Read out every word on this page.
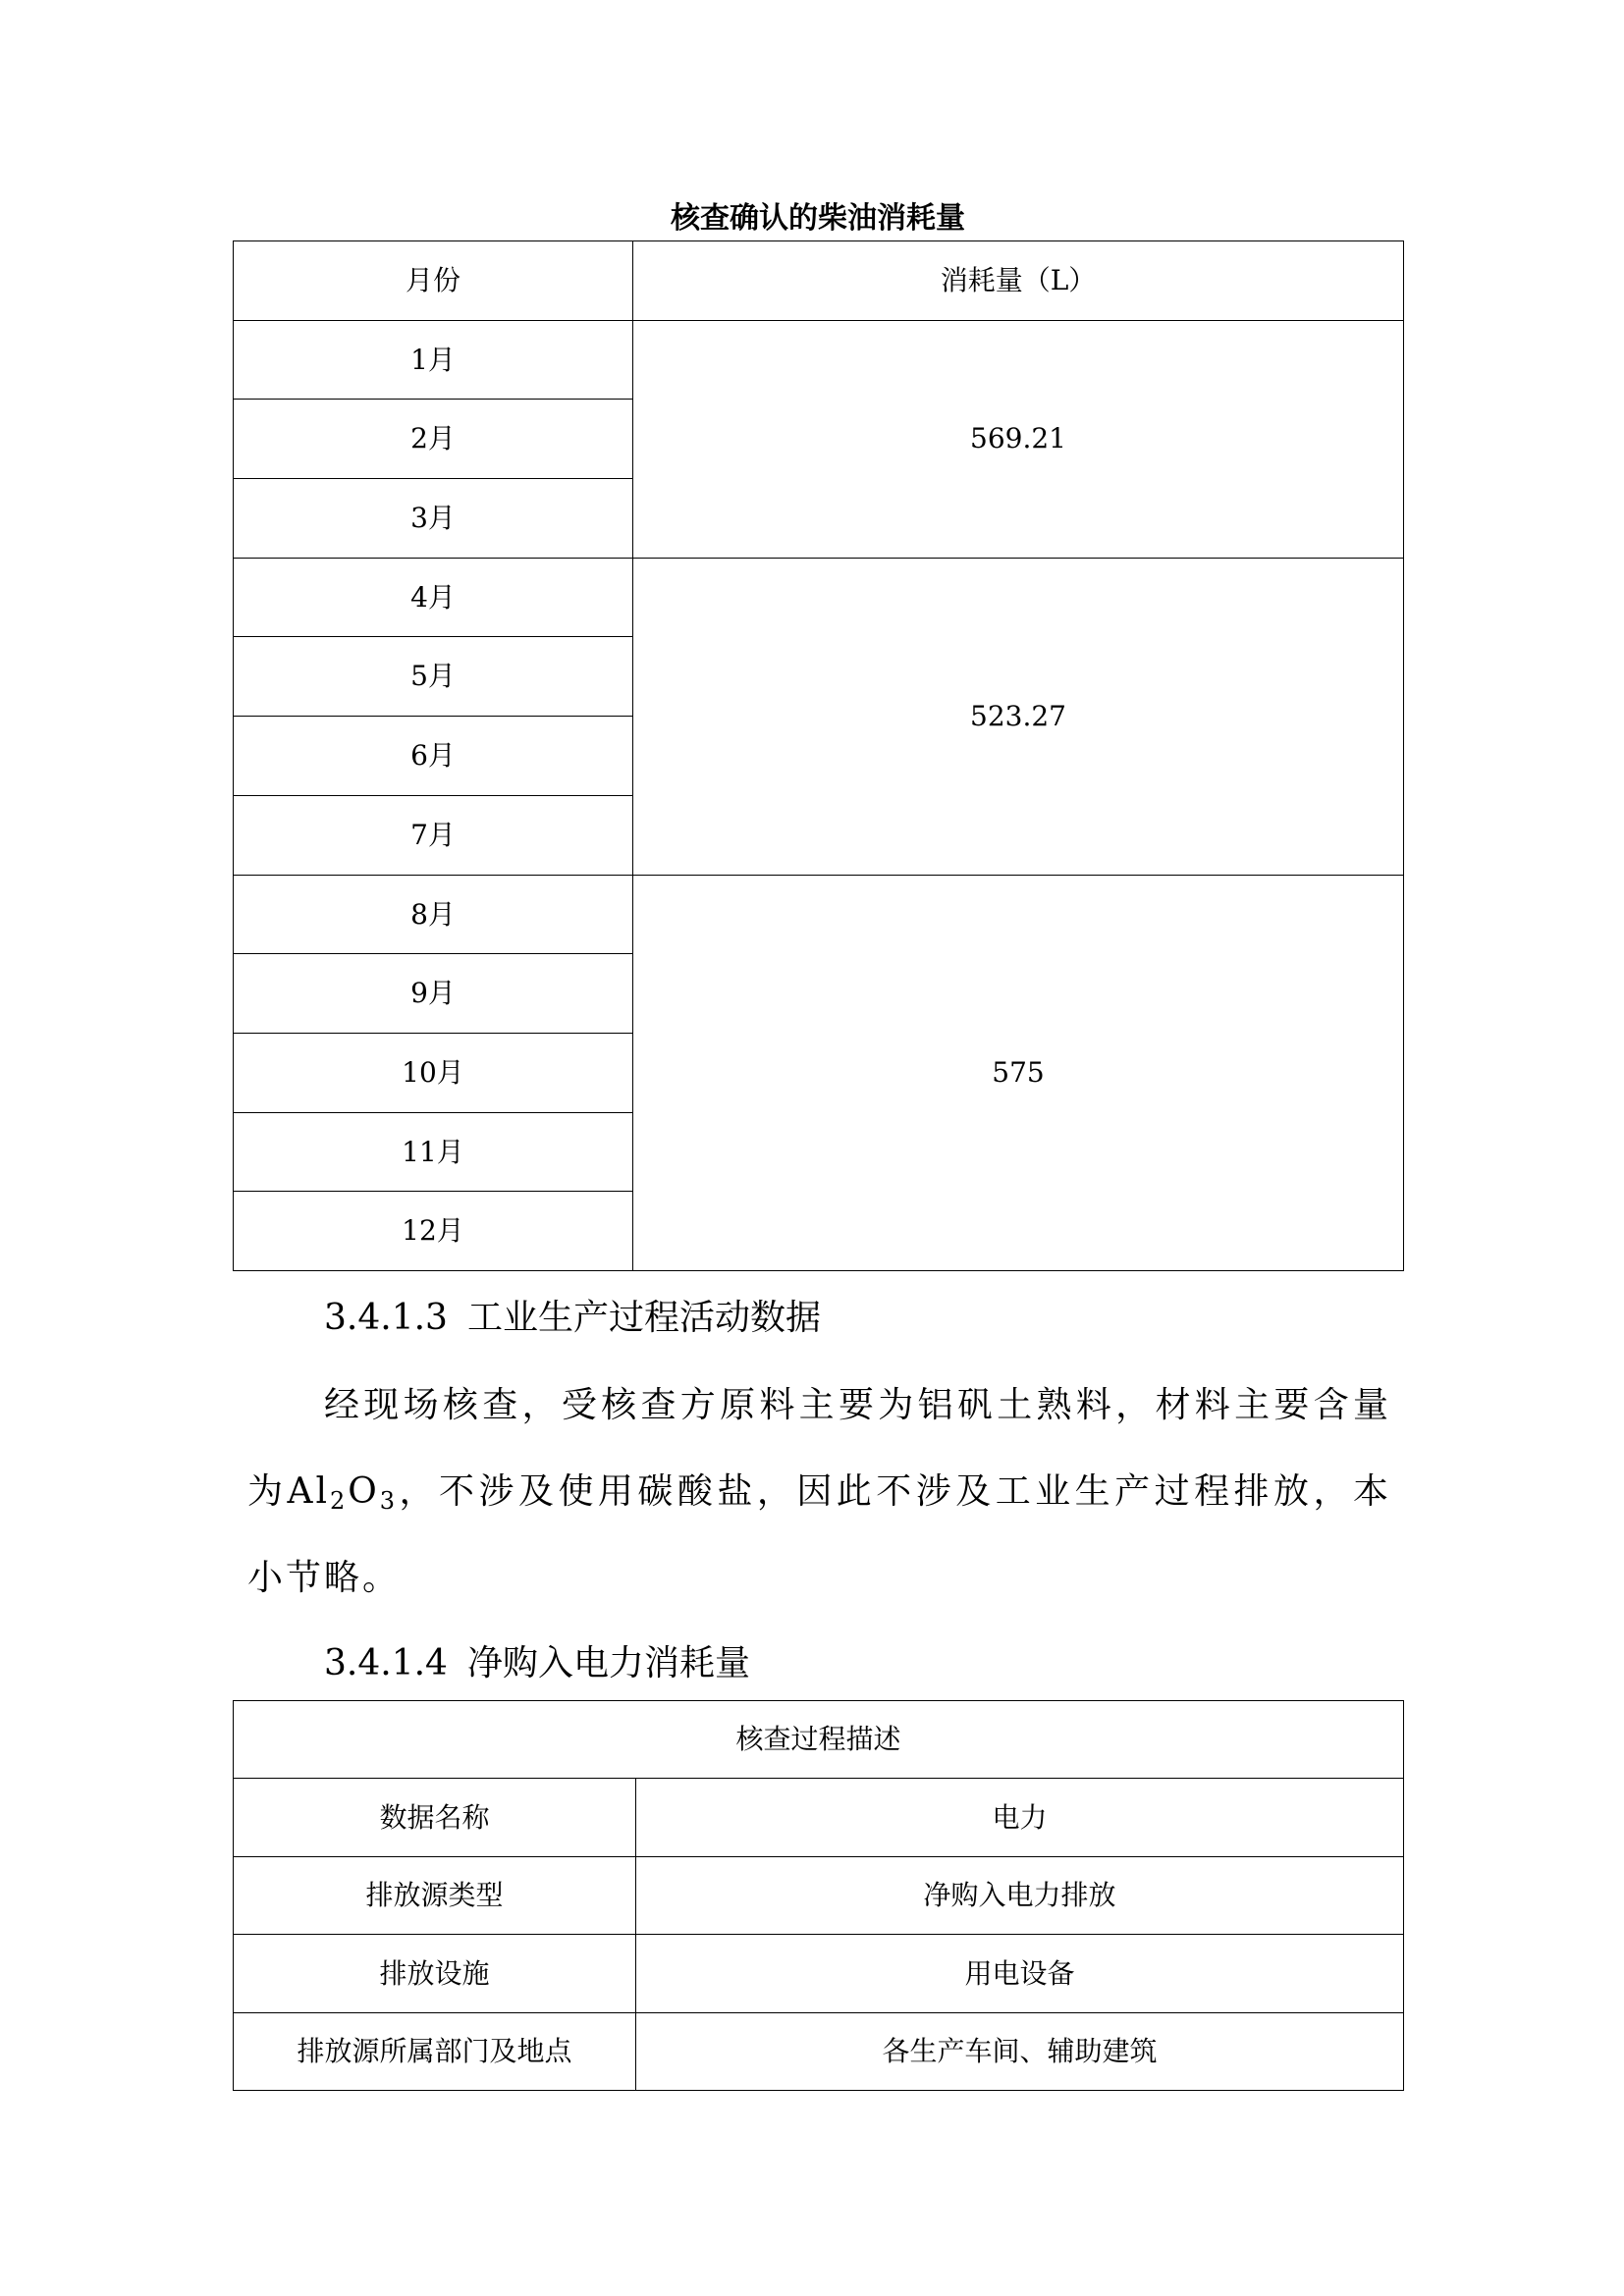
核查确认的柴油消耗量
月份	消耗量（L）
1月	569.21
2月	
3月	
4月	523.27
5月	
6月	
7月	
8月	575
9月	
10月	
11月	
12月	
3.4.1.3 工业生产过程活动数据

经现场核查，受核查方原料主要为铝矾土熟料，材料主要含量为$Al_2O_3$，不涉及使用碳酸盐，因此不涉及工业生产过程排放，本小节略。

3.4.1.4 净购入电力消耗量
核查过程描述	
数据名称	电力
排放源类型	净购入电力排放
排放设施	用电设备
排放源所属部门及地点	各生产车间、辅助建筑
